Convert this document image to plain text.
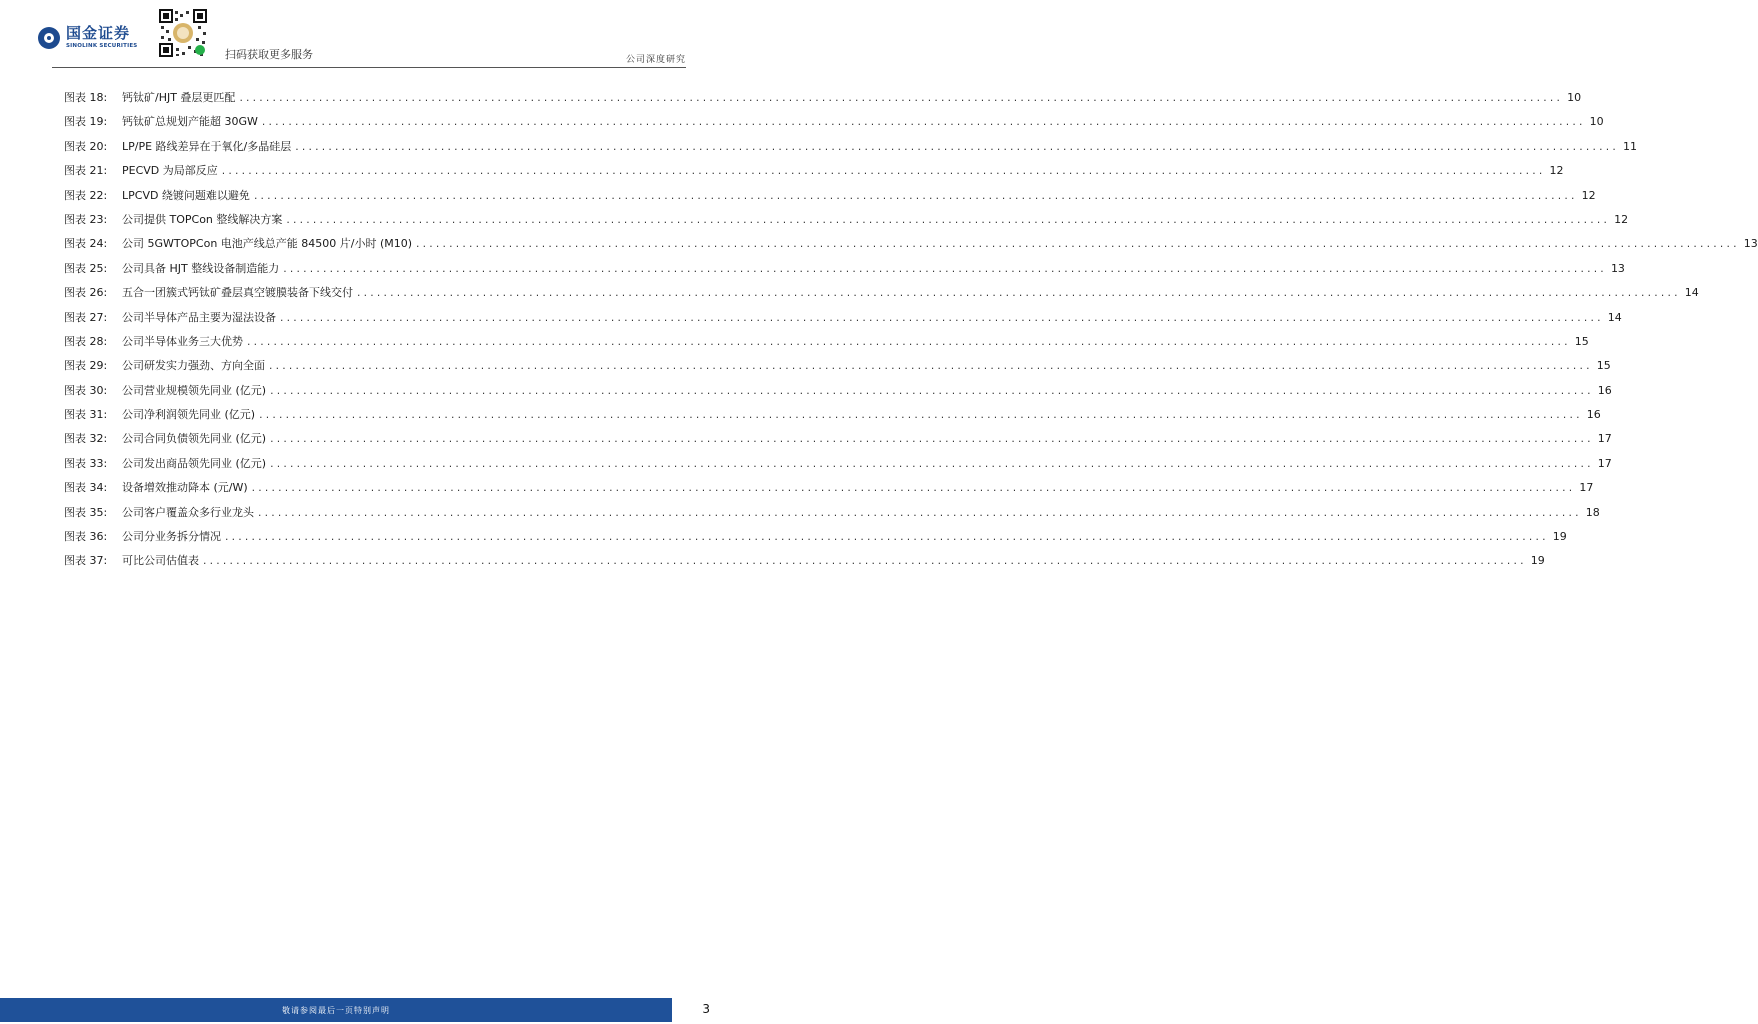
国金证券
SINOLINK SECURITIES
扫码获取更多服务	公司深度研究
图表 18:	钙钛矿/HJT 叠层更匹配 ........................................................................................................................................................................................................ 10
图表 19:	钙钛矿总规划产能超 30GW ........................................................................................................................................................................................................ 10
图表 20:	LP/PE 路线差异在于氧化/多晶硅层 ........................................................................................................................................................................................................ 11
图表 21:	PECVD 为局部反应 ........................................................................................................................................................................................................ 12
图表 22:	LPCVD 绕镀问题难以避免 ........................................................................................................................................................................................................ 12
图表 23:	公司提供 TOPCon 整线解决方案 ........................................................................................................................................................................................................ 12
图表 24:	公司 5GWTOPCon 电池产线总产能 84500 片/小时 (M10) ........................................................................................................................................................................................................ 13
图表 25:	公司具备 HJT 整线设备制造能力 ........................................................................................................................................................................................................ 13
图表 26:	五合一团簇式钙钛矿叠层真空镀膜装备下线交付 ........................................................................................................................................................................................................ 14
图表 27:	公司半导体产品主要为湿法设备 ........................................................................................................................................................................................................ 14
图表 28:	公司半导体业务三大优势 ........................................................................................................................................................................................................ 15
图表 29:	公司研发实力强劲、方向全面 ........................................................................................................................................................................................................ 15
图表 30:	公司营业规模领先同业 (亿元) ........................................................................................................................................................................................................ 16
图表 31:	公司净利润领先同业 (亿元) ........................................................................................................................................................................................................ 16
图表 32:	公司合同负债领先同业 (亿元) ........................................................................................................................................................................................................ 17
图表 33:	公司发出商品领先同业 (亿元) ........................................................................................................................................................................................................ 17
图表 34:	设备增效推动降本 (元/W) ........................................................................................................................................................................................................ 17
图表 35:	公司客户覆盖众多行业龙头 ........................................................................................................................................................................................................ 18
图表 36:	公司分业务拆分情况 ........................................................................................................................................................................................................ 19
图表 37:	可比公司估值表 ........................................................................................................................................................................................................ 19
敬请参阅最后一页特别声明	3
